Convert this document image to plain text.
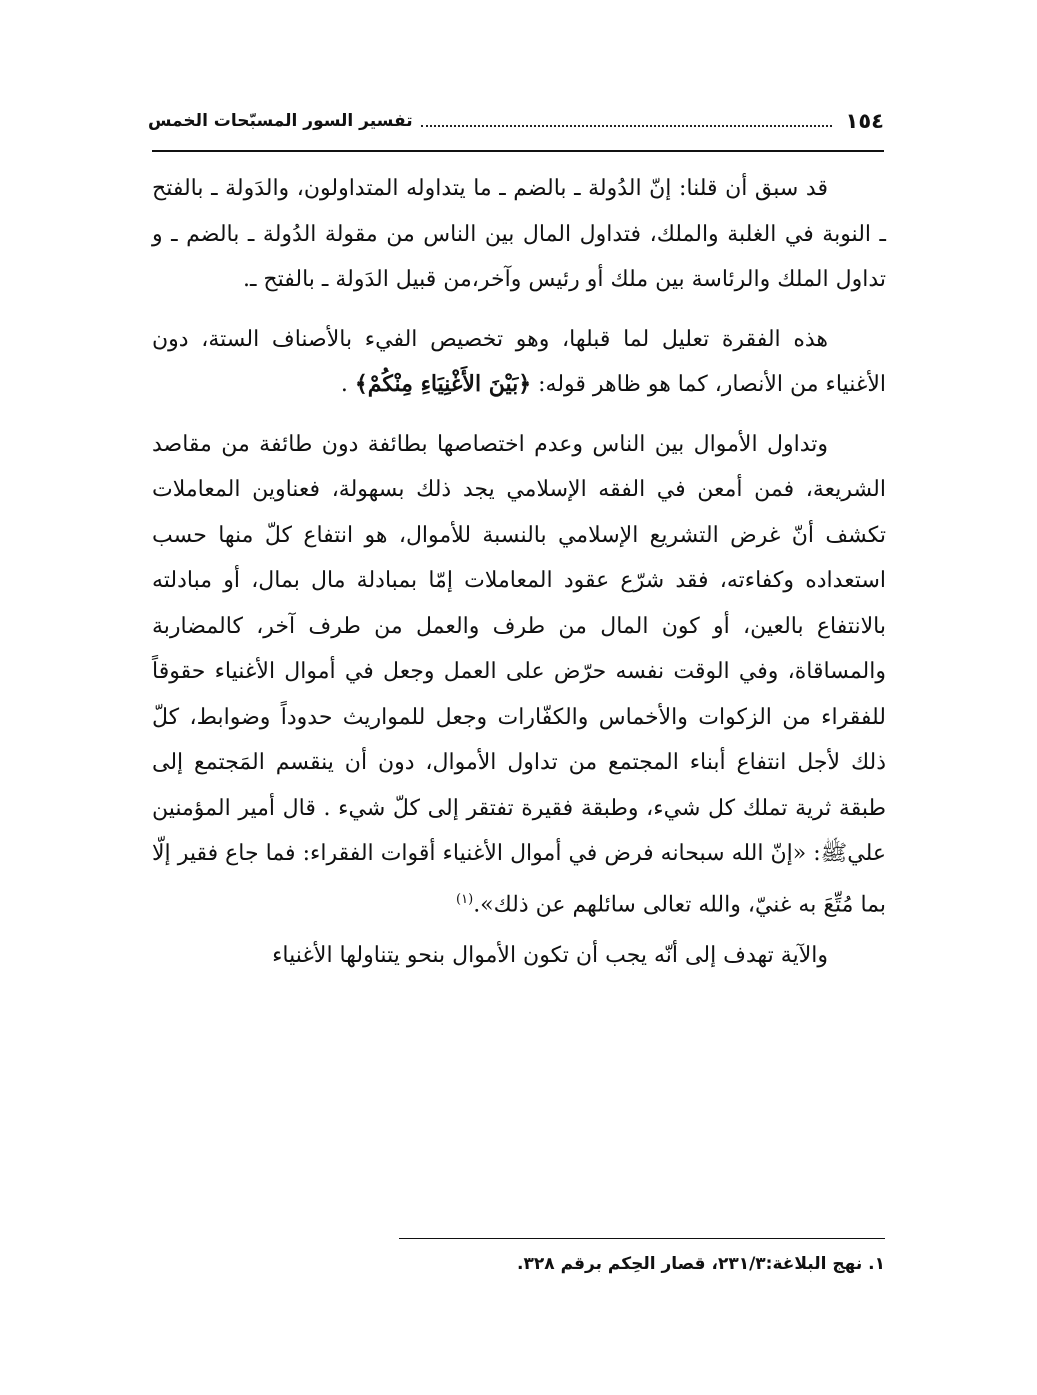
١٥٤
تفسير السور المسبّحات الخمس

قد سبق أن قلنا: إنّ الدُولة ـ بالضم ـ ما يتداوله المتداولون، والدَولة ـ بالفتح ـ النوبة في الغلبة والملك، فتداول المال بين الناس من مقولة الدُولة ـ بالضم ـ و تداول الملك والرئاسة بين ملك أو رئيس وآخر،من قبيل الدَولة ـ بالفتح ـ.

هذه الفقرة تعليل لما قبلها، وهو تخصيص الفيء بالأصناف الستة، دون الأغنياء من الأنصار، كما هو ظاهر قوله: ﴿بَيْنَ الأَغْنِيَاءِ مِنْكُمْ﴾ .

وتداول الأموال بين الناس وعدم اختصاصها بطائفة دون طائفة من مقاصد الشريعة، فمن أمعن في الفقه الإسلامي يجد ذلك بسهولة، فعناوين المعاملات تكشف أنّ غرض التشريع الإسلامي بالنسبة للأموال، هو انتفاع كلّ منها حسب استعداده وكفاءته، فقد شرّع عقود المعاملات إمّا بمبادلة مال بمال، أو مبادلته بالانتفاع بالعين، أو كون المال من طرف والعمل من طرف آخر، كالمضاربة والمساقاة، وفي الوقت نفسه حرّض على العمل وجعل في أموال الأغنياء حقوقاً للفقراء من الزكوات والأخماس والكفّارات وجعل للمواريث حدوداً وضوابط، كلّ ذلك لأجل انتفاع أبناء المجتمع من تداول الأموال، دون أن ينقسم المَجتمع إلى طبقة ثرية تملك كل شيء، وطبقة فقيرة تفتقر إلى كلّ شيء . قال أمير المؤمنين علي‏ﷺ: «إنّ الله سبحانه فرض في أموال الأغنياء أقوات الفقراء: فما جاع فقير إلّا بما مُتِّعَ به غنيّ، والله تعالى سائلهم عن ذلك».$^{(١)}$

والآية تهدف إلى أنّه يجب أن تكون الأموال بنحو يتناولها الأغنياء

١. نهج البلاغة:٢٣١/٣، قصار الحِكم برقم ٣٢٨.
